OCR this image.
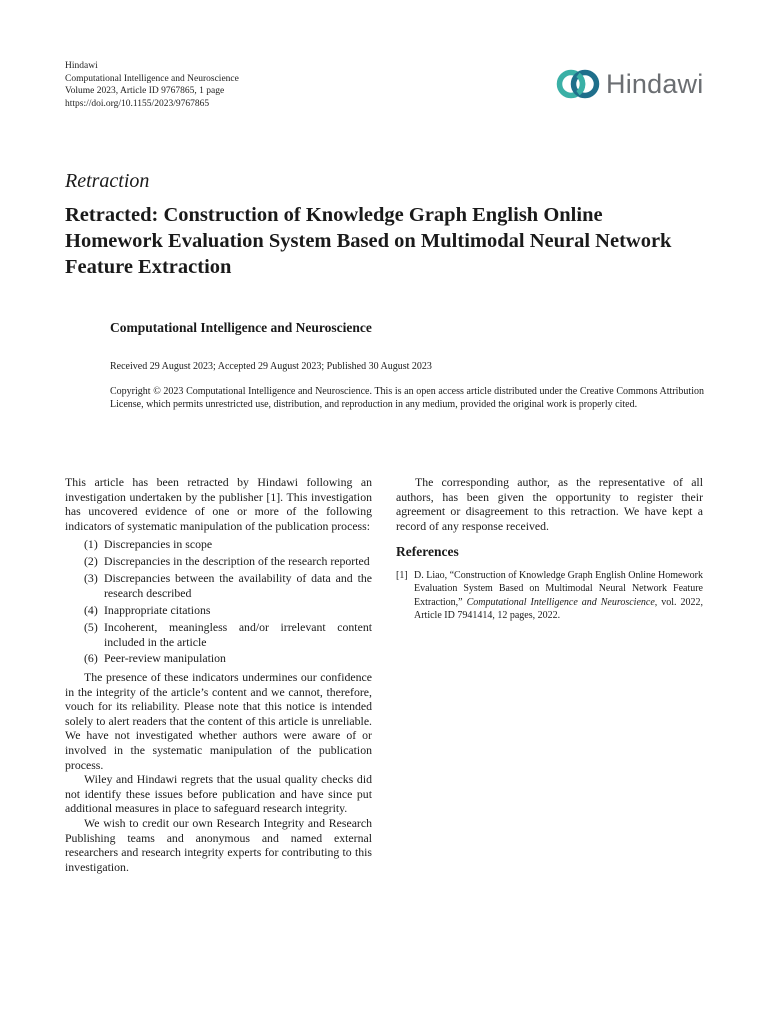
Hindawi
Computational Intelligence and Neuroscience
Volume 2023, Article ID 9767865, 1 page
https://doi.org/10.1155/2023/9767865
Hindawi
Retraction
Retracted: Construction of Knowledge Graph English Online Homework Evaluation System Based on Multimodal Neural Network Feature Extraction
Computational Intelligence and Neuroscience
Received 29 August 2023; Accepted 29 August 2023; Published 30 August 2023
Copyright © 2023 Computational Intelligence and Neuroscience. This is an open access article distributed under the Creative Commons Attribution License, which permits unrestricted use, distribution, and reproduction in any medium, provided the original work is properly cited.

This article has been retracted by Hindawi following an investigation undertaken by the publisher [1]. This investigation has uncovered evidence of one or more of the following indicators of systematic manipulation of the publication process:

(1) Discrepancies in scope
(2) Discrepancies in the description of the research reported
(3) Discrepancies between the availability of data and the research described
(4) Inappropriate citations
(5) Incoherent, meaningless and/or irrelevant content included in the article
(6) Peer-review manipulation

The presence of these indicators undermines our confidence in the integrity of the article’s content and we cannot, therefore, vouch for its reliability. Please note that this notice is intended solely to alert readers that the content of this article is unreliable. We have not investigated whether authors were aware of or involved in the systematic manipulation of the publication process.

Wiley and Hindawi regrets that the usual quality checks did not identify these issues before publication and have since put additional measures in place to safeguard research integrity.

We wish to credit our own Research Integrity and Research Publishing teams and anonymous and named external researchers and research integrity experts for contributing to this investigation.

The corresponding author, as the representative of all authors, has been given the opportunity to register their agreement or disagreement to this retraction. We have kept a record of any response received.

References
[1] D. Liao, “Construction of Knowledge Graph English Online Homework Evaluation System Based on Multimodal Neural Network Feature Extraction,” Computational Intelligence and Neuroscience, vol. 2022, Article ID 7941414, 12 pages, 2022.
